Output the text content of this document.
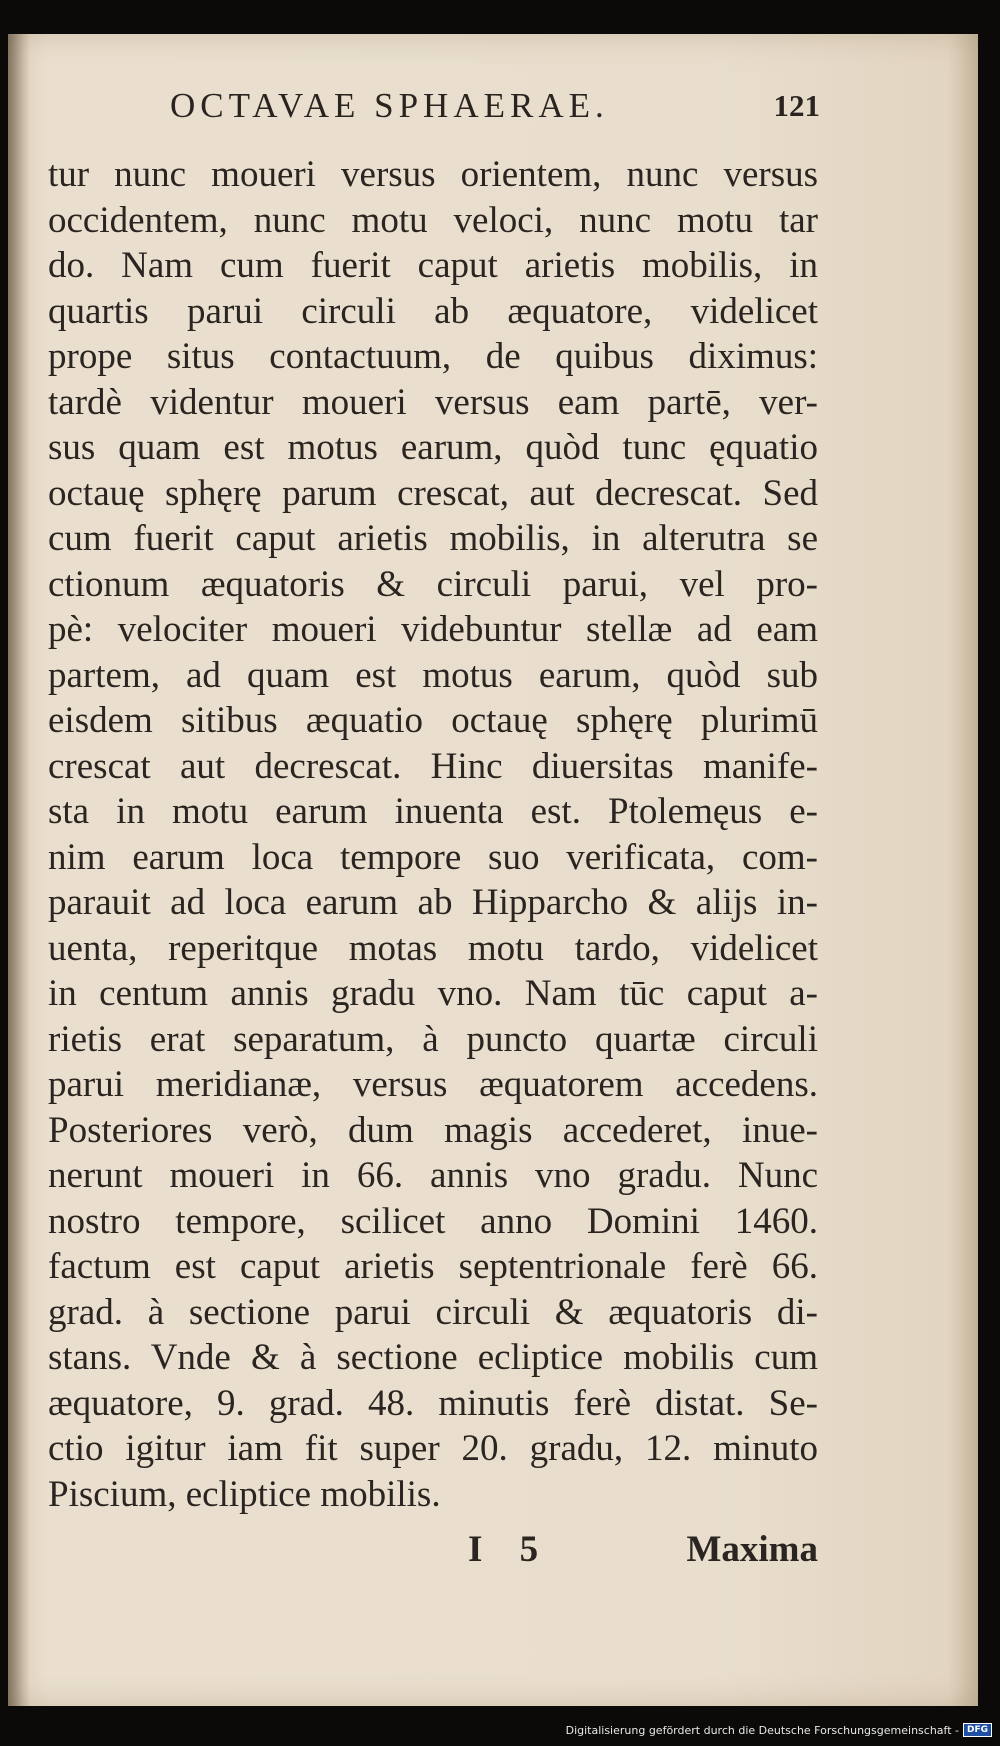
OCTAVAE SPHAERAE.	121
tur nunc moueri versus orientem, nunc versus
occidentem, nunc motu veloci, nunc motu tar
do. Nam cum fuerit caput arietis mobilis, in
quartis parui circuli ab æquatore, videlicet
prope situs contactuum, de quibus diximus:
tardè videntur moueri versus eam partē, ver-
sus quam est motus earum, quòd tunc ęquatio
octauę sphęrę parum crescat, aut decrescat. Sed
cum fuerit caput arietis mobilis, in alterutra se
ctionum æquatoris & circuli parui, vel pro-
pè: velociter moueri videbuntur stellæ ad eam
partem, ad quam est motus earum, quòd sub
eisdem sitibus æquatio octauę sphęrę plurimū
crescat aut decrescat. Hinc diuersitas manife-
sta in motu earum inuenta est. Ptolemęus e-
nim earum loca tempore suo verificata, com-
parauit ad loca earum ab Hipparcho & alijs in-
uenta, reperitque motas motu tardo, videlicet
in centum annis gradu vno. Nam tūc caput a-
rietis erat separatum, à puncto quartæ circuli
parui meridianæ, versus æquatorem accedens.
Posteriores verò, dum magis accederet, inue-
nerunt moueri in 66. annis vno gradu. Nunc
nostro tempore, scilicet anno Domini 1460.
factum est caput arietis septentrionale ferè 66.
grad. à sectione parui circuli & æquatoris di-
stans. Vnde & à sectione ecliptice mobilis cum
æquatore, 9. grad. 48. minutis ferè distat. Se-
ctio igitur iam fit super 20. gradu, 12. minuto
Piscium, ecliptice mobilis.
I 5	Maxima
Digitalisierung gefördert durch die Deutsche Forschungsgemeinschaft - DFG
